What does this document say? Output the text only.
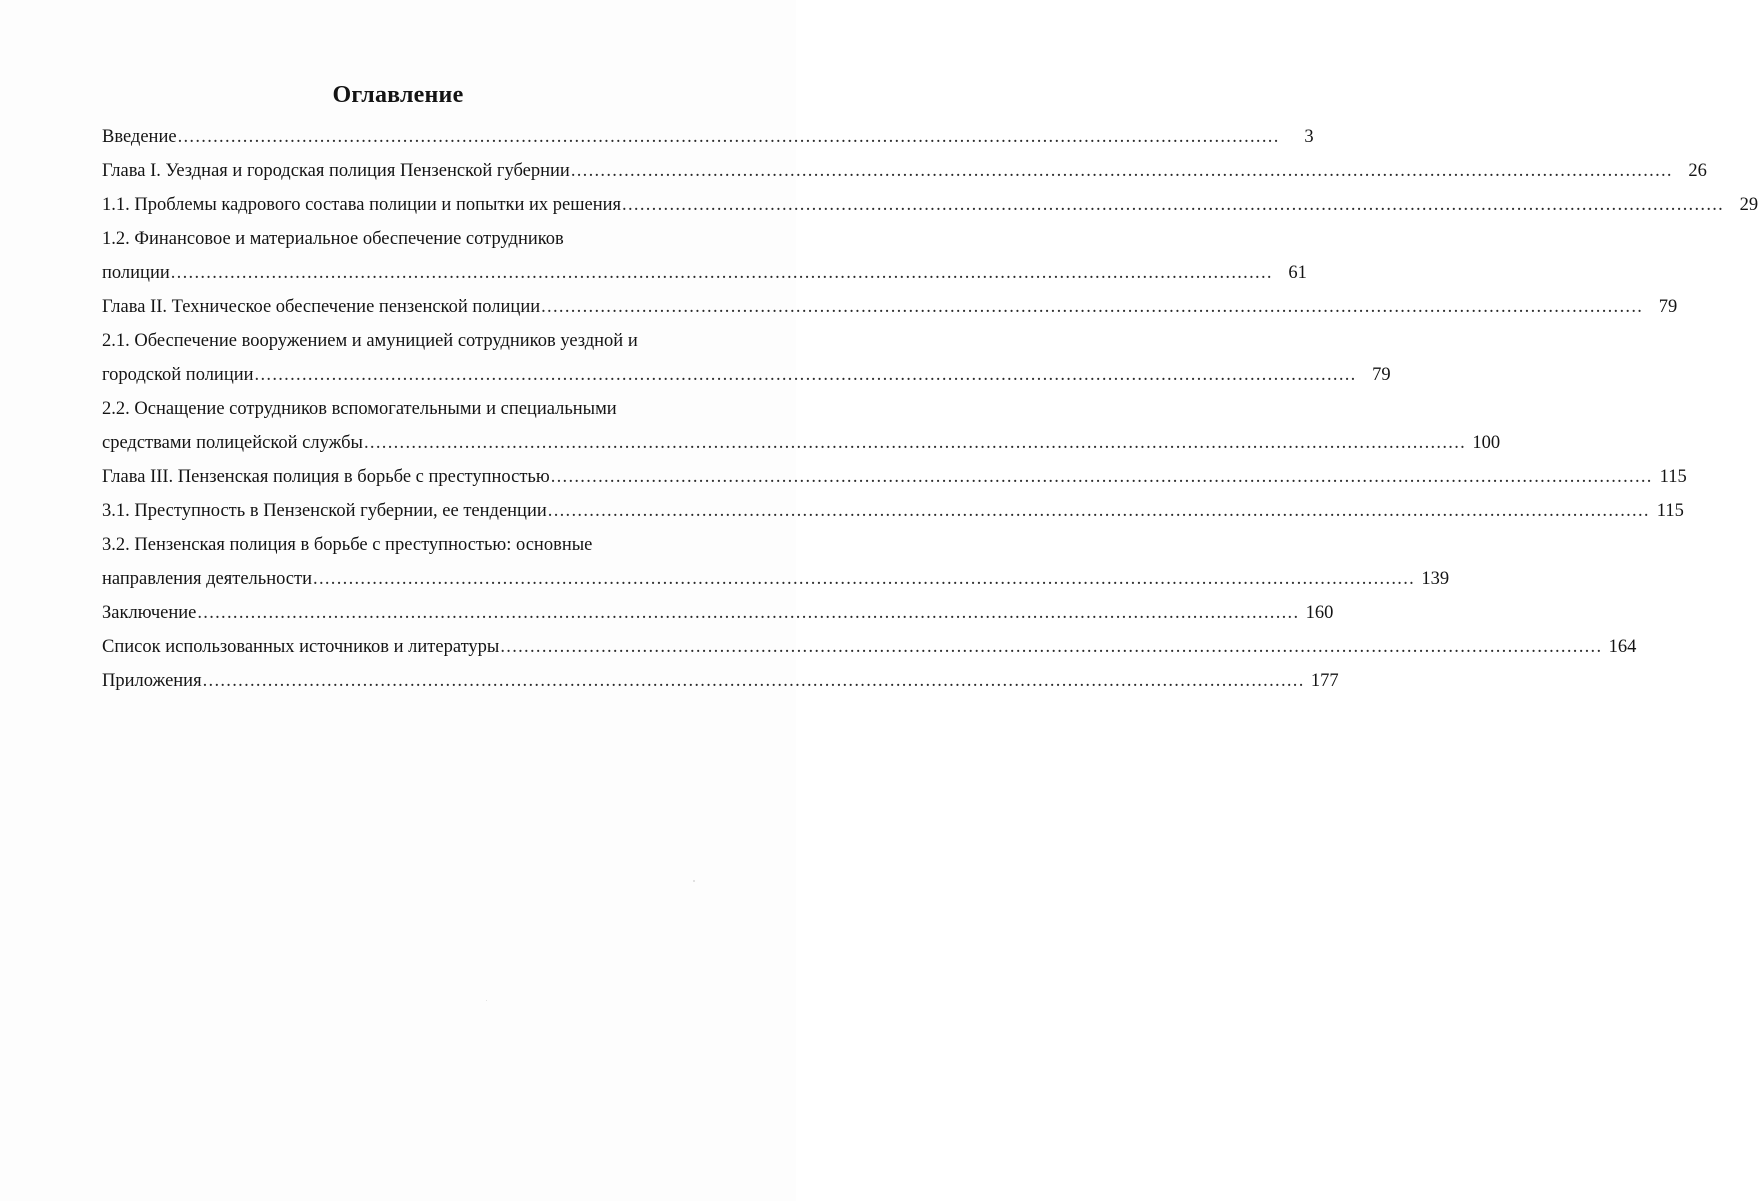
Оглавление
Введение ..........................................................................................................................................................................................	3
Глава I. Уездная и городская полиция Пензенской губернии .......................................................................................................................................................................................... 26
1.1. Проблемы кадрового состава полиции и попытки их решения .......................................................................................................................................................................................... 29
1.2. Финансовое и материальное обеспечение сотрудников
полиции .......................................................................................................................................................................................... 61
Глава II. Техническое обеспечение пензенской полиции .......................................................................................................................................................................................... 79
2.1. Обеспечение вооружением и амуницией сотрудников уездной и
городской полиции .......................................................................................................................................................................................... 79
2.2. Оснащение сотрудников вспомогательными и специальными
средствами полицейской службы .......................................................................................................................................................................................... 100
Глава III. Пензенская полиция в борьбе с преступностью .......................................................................................................................................................................................... 115
3.1. Преступность в Пензенской губернии, ее тенденции .......................................................................................................................................................................................... 115
3.2. Пензенская полиция в борьбе с преступностью: основные
направления деятельности .......................................................................................................................................................................................... 139
Заключение .......................................................................................................................................................................................... 160
Список использованных источников и литературы .......................................................................................................................................................................................... 164
Приложения .......................................................................................................................................................................................... 177
